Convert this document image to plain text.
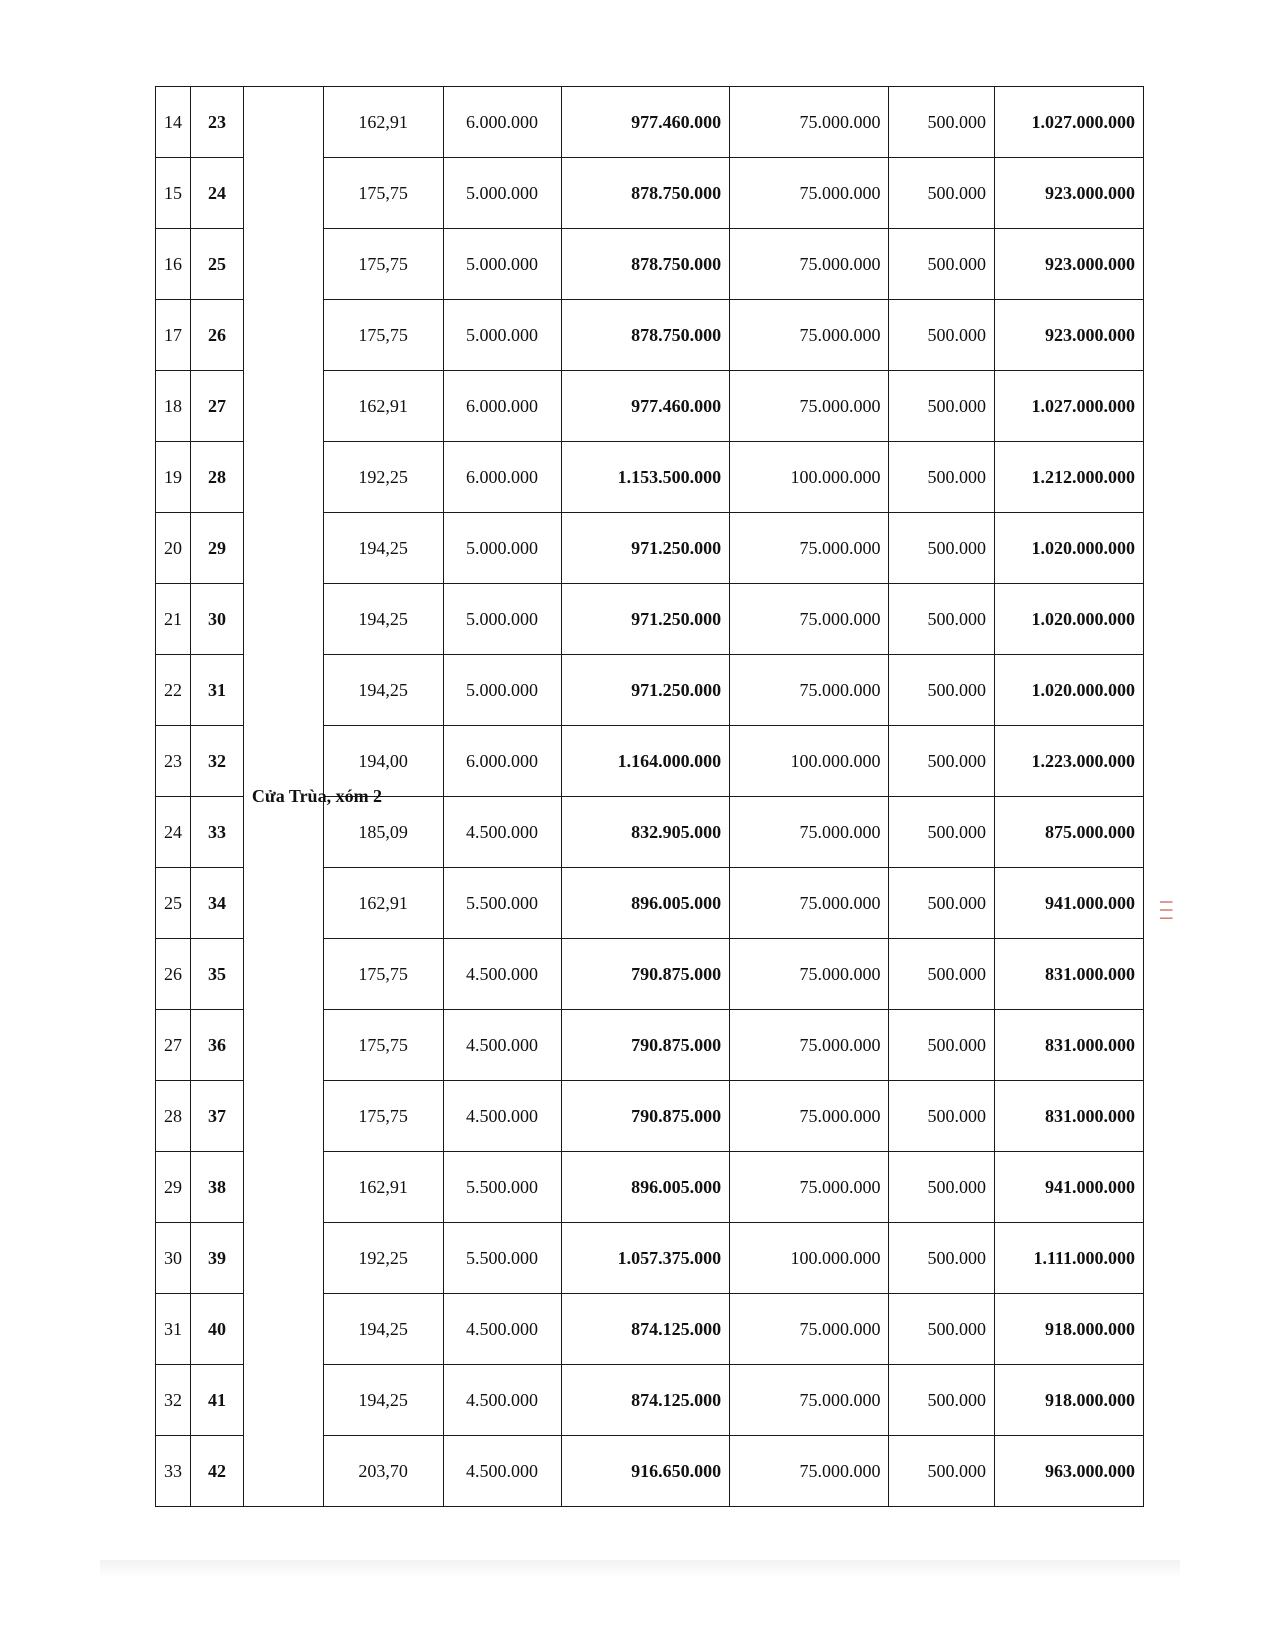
14	23	Cửa Trùa, xóm 2	162,91	6.000.000	977.460.000	75.000.000	500.000	1.027.000.000
15	24		175,75	5.000.000	878.750.000	75.000.000	500.000	923.000.000
16	25		175,75	5.000.000	878.750.000	75.000.000	500.000	923.000.000
17	26		175,75	5.000.000	878.750.000	75.000.000	500.000	923.000.000
18	27		162,91	6.000.000	977.460.000	75.000.000	500.000	1.027.000.000
19	28		192,25	6.000.000	1.153.500.000	100.000.000	500.000	1.212.000.000
20	29		194,25	5.000.000	971.250.000	75.000.000	500.000	1.020.000.000
21	30		194,25	5.000.000	971.250.000	75.000.000	500.000	1.020.000.000
22	31		194,25	5.000.000	971.250.000	75.000.000	500.000	1.020.000.000
23	32		194,00	6.000.000	1.164.000.000	100.000.000	500.000	1.223.000.000
24	33		185,09	4.500.000	832.905.000	75.000.000	500.000	875.000.000
25	34		162,91	5.500.000	896.005.000	75.000.000	500.000	941.000.000
26	35		175,75	4.500.000	790.875.000	75.000.000	500.000	831.000.000
27	36		175,75	4.500.000	790.875.000	75.000.000	500.000	831.000.000
28	37		175,75	4.500.000	790.875.000	75.000.000	500.000	831.000.000
29	38		162,91	5.500.000	896.005.000	75.000.000	500.000	941.000.000
30	39		192,25	5.500.000	1.057.375.000	100.000.000	500.000	1.111.000.000
31	40		194,25	4.500.000	874.125.000	75.000.000	500.000	918.000.000
32	41		194,25	4.500.000	874.125.000	75.000.000	500.000	918.000.000
33	42		203,70	4.500.000	916.650.000	75.000.000	500.000	963.000.000
|||
